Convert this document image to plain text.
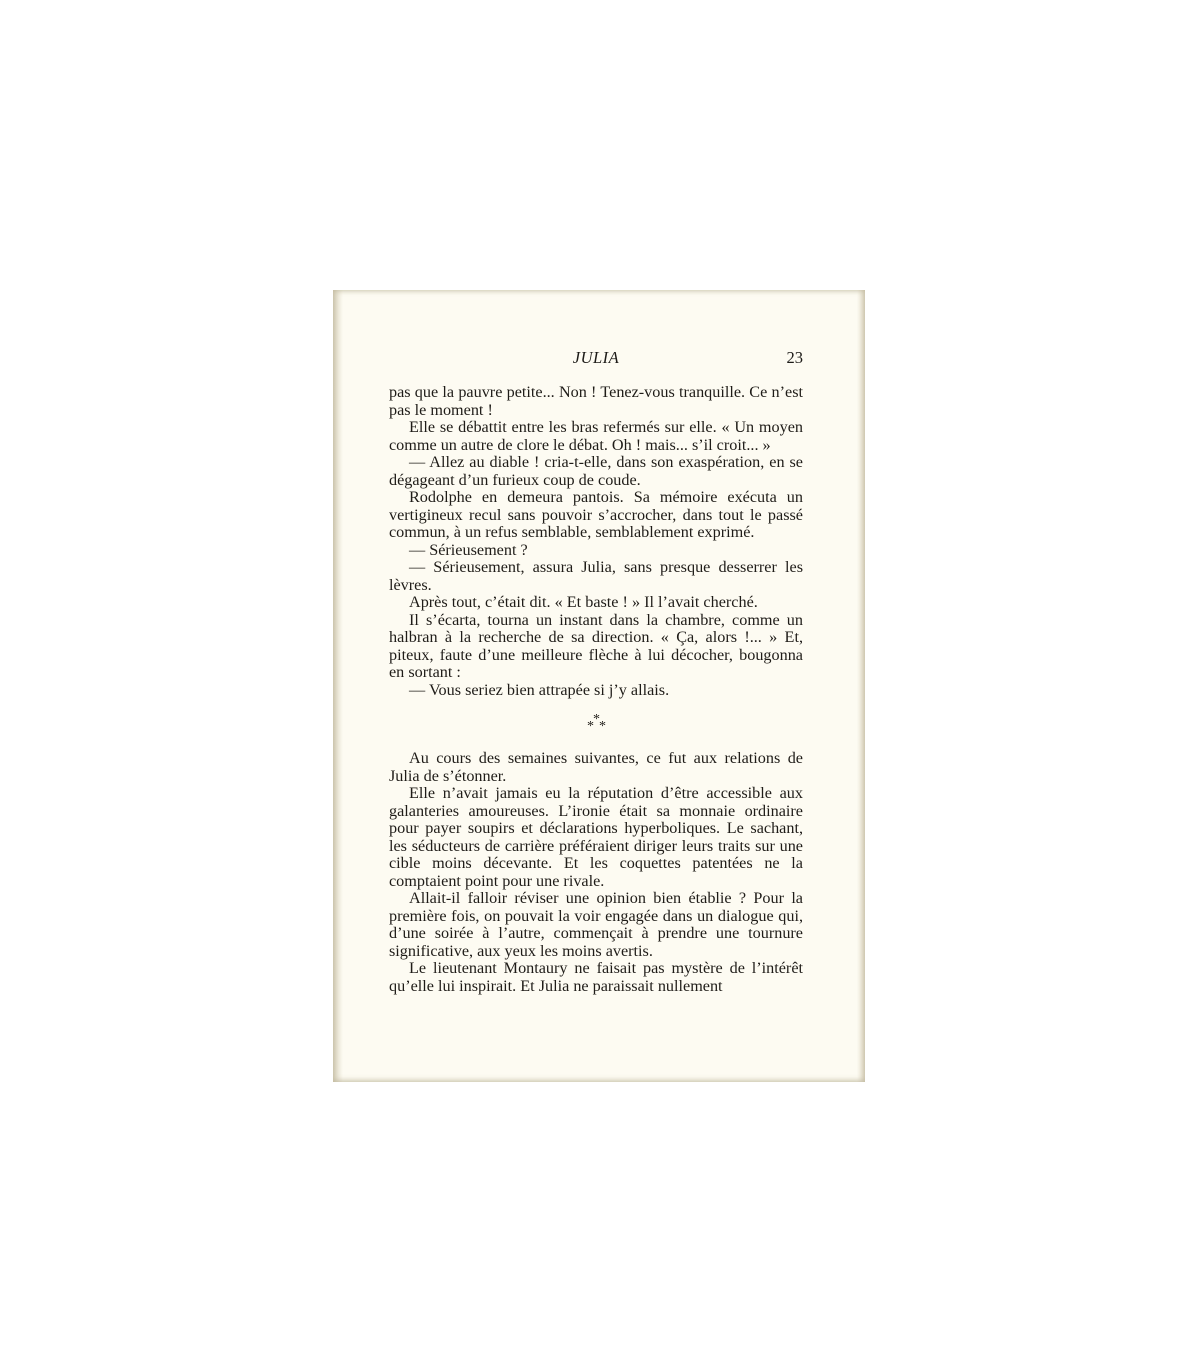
JULIA	23

pas que la pauvre petite... Non ! Tenez-vous tranquille. Ce n’est pas le moment !

Elle se débattit entre les bras refermés sur elle. « Un moyen comme un autre de clore le débat. Oh ! mais... s’il croit... »

— Allez au diable ! cria-t-elle, dans son exaspération, en se dégageant d’un furieux coup de coude.

Rodolphe en demeura pantois. Sa mémoire exécuta un vertigineux recul sans pouvoir s’accrocher, dans tout le passé commun, à un refus semblable, semblablement exprimé.

— Sérieusement ?

— Sérieusement, assura Julia, sans presque desserrer les lèvres.

Après tout, c’était dit. « Et baste ! » Il l’avait cherché.

Il s’écarta, tourna un instant dans la chambre, comme un halbran à la recherche de sa direction. « Ça, alors !... » Et, piteux, faute d’une meilleure flèche à lui décocher, bougonna en sortant :

— Vous seriez bien attrapée si j’y allais.

*
* *

Au cours des semaines suivantes, ce fut aux relations de Julia de s’étonner.

Elle n’avait jamais eu la réputation d’être accessible aux galanteries amoureuses. L’ironie était sa monnaie ordinaire pour payer soupirs et déclarations hyperboliques. Le sachant, les séducteurs de carrière préféraient diriger leurs traits sur une cible moins décevante. Et les coquettes patentées ne la comptaient point pour une rivale.

Allait-il falloir réviser une opinion bien établie ? Pour la première fois, on pouvait la voir engagée dans un dialogue qui, d’une soirée à l’autre, commençait à prendre une tournure significative, aux yeux les moins avertis.

Le lieutenant Montaury ne faisait pas mystère de l’intérêt qu’elle lui inspirait. Et Julia ne paraissait nullement
